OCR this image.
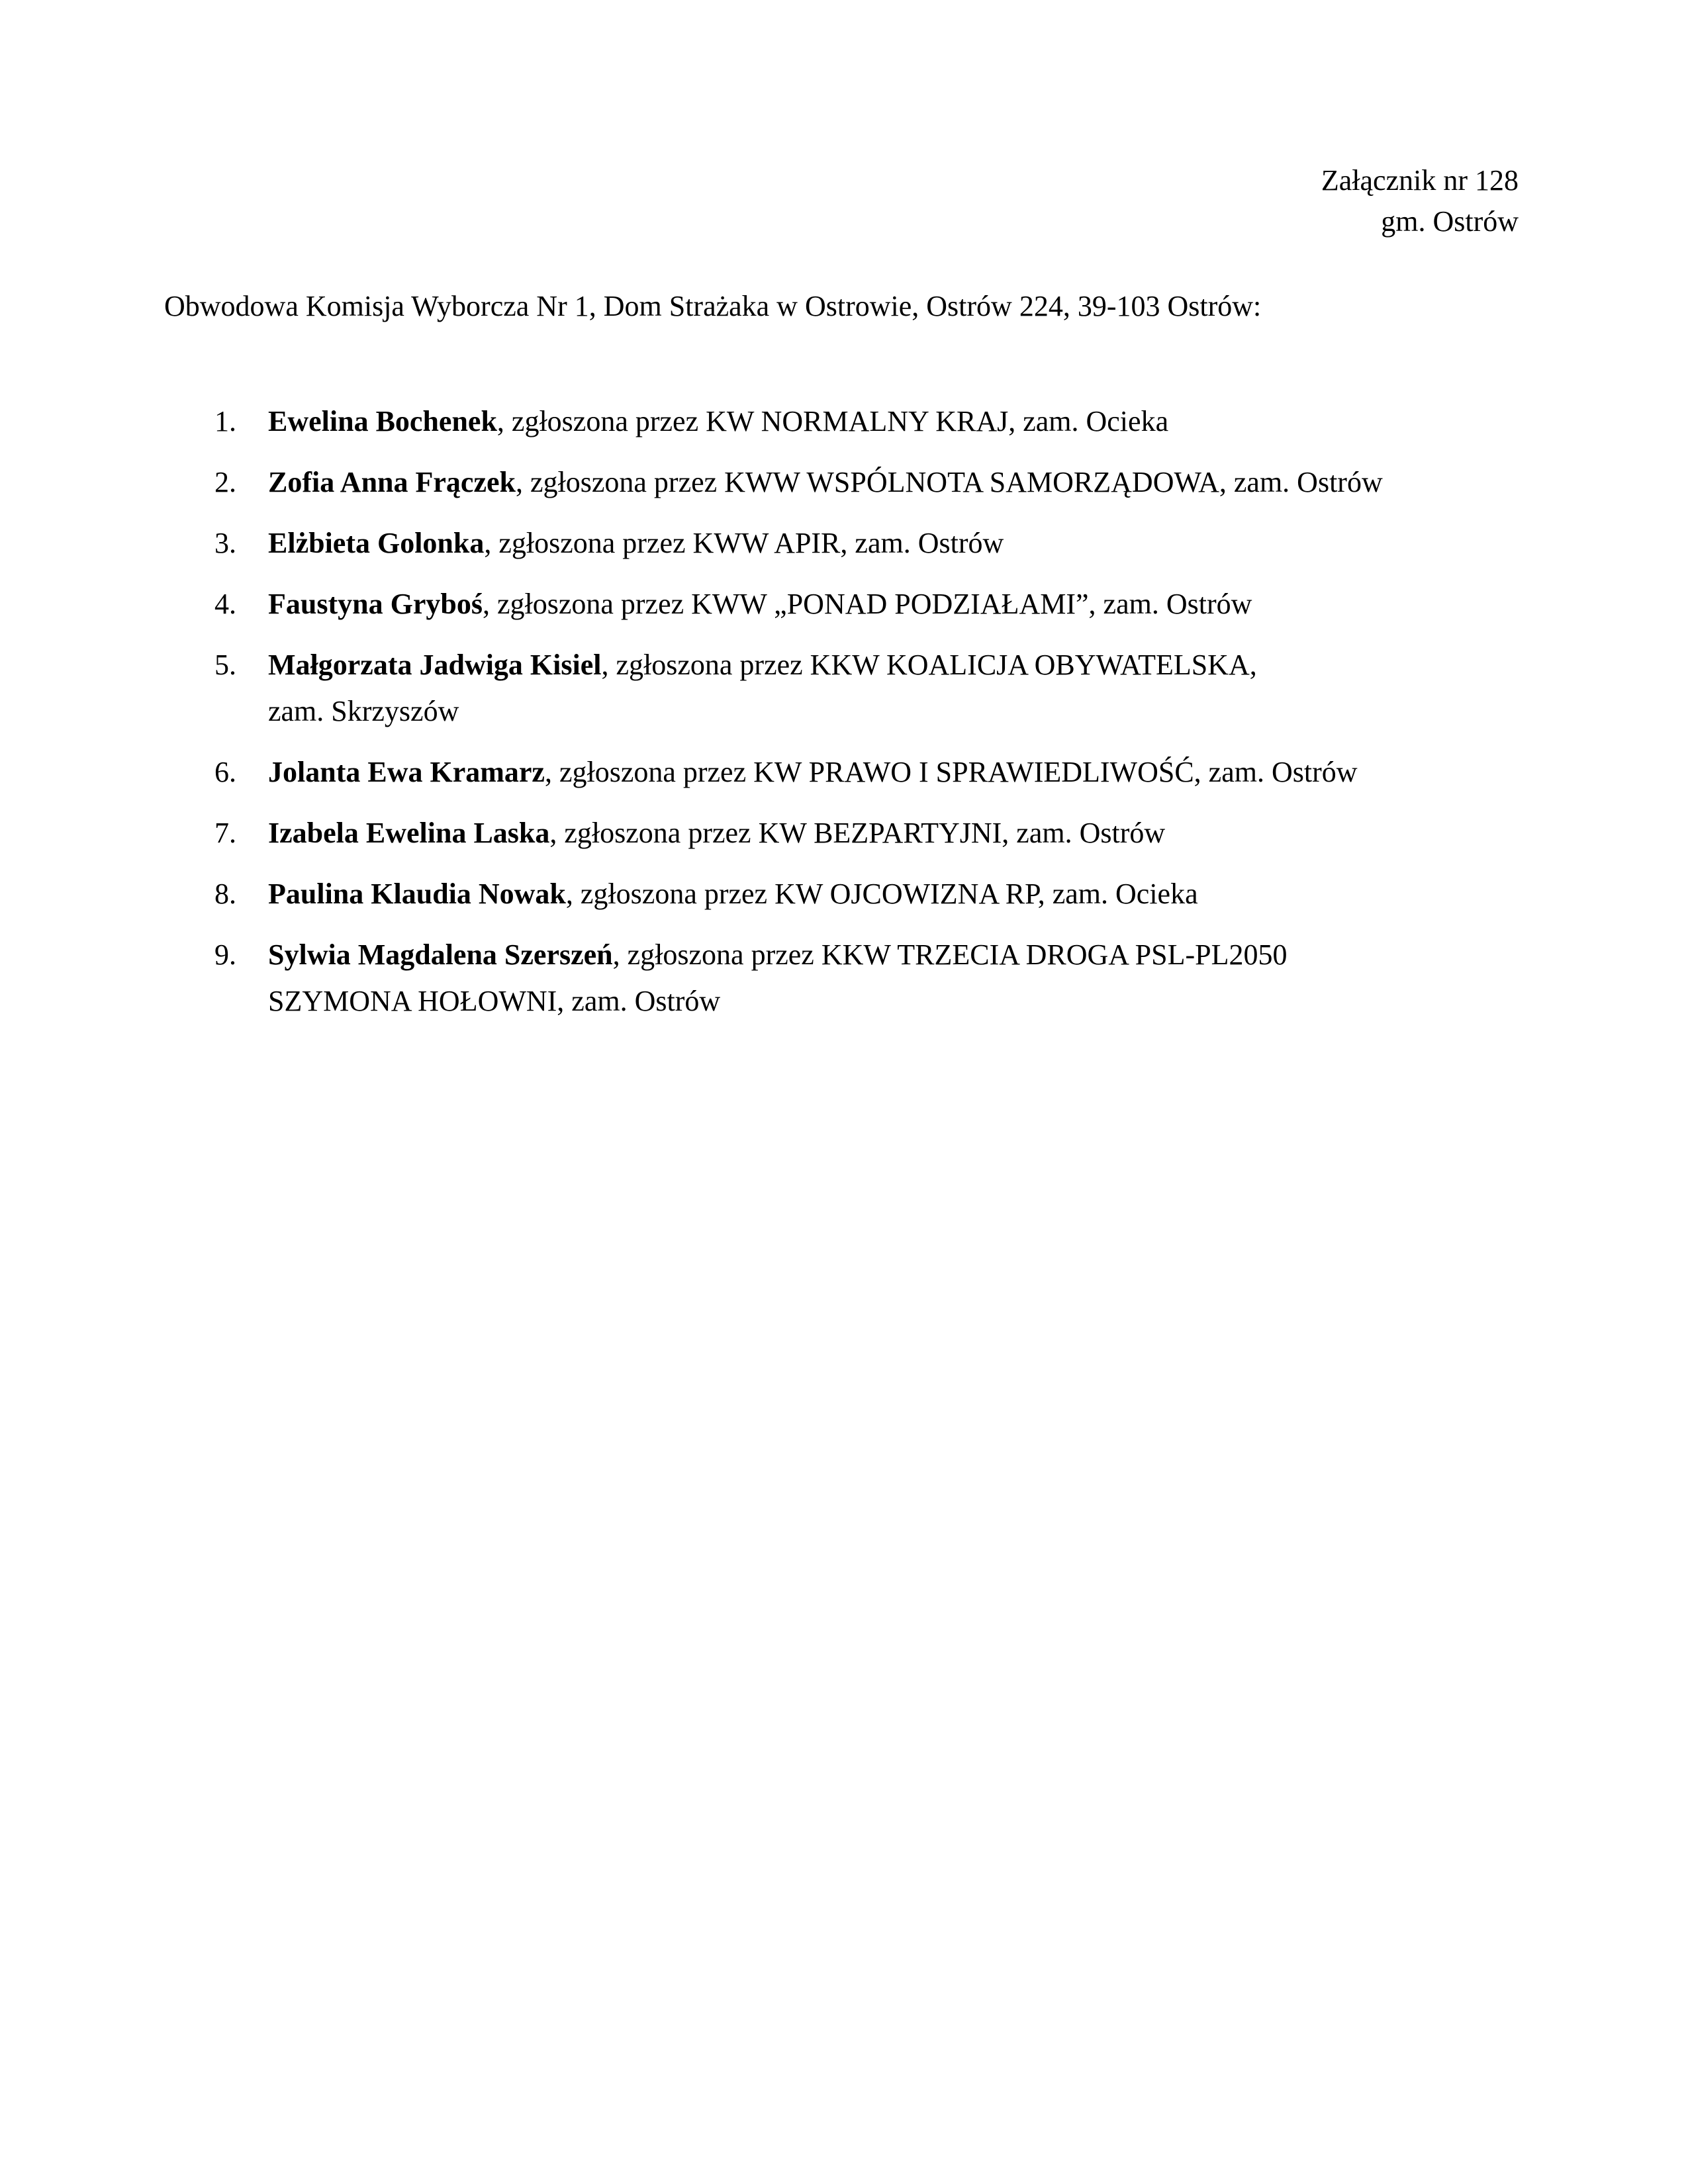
Załącznik nr 128
gm. Ostrów
Obwodowa Komisja Wyborcza Nr 1, Dom Strażaka w Ostrowie, Ostrów 224, 39-103 Ostrów:
1. Ewelina Bochenek, zgłoszona przez KW NORMALNY KRAJ, zam. Ocieka
2. Zofia Anna Frączek, zgłoszona przez KWW WSPÓLNOTA SAMORZĄDOWA, zam. Ostrów
3. Elżbieta Golonka, zgłoszona przez KWW APIR, zam. Ostrów
4. Faustyna Gryboś, zgłoszona przez KWW „PONAD PODZIAŁAMI”, zam. Ostrów
5. Małgorzata Jadwiga Kisiel, zgłoszona przez KKW KOALICJA OBYWATELSKA,
zam. Skrzyszów
6. Jolanta Ewa Kramarz, zgłoszona przez KW PRAWO I SPRAWIEDLIWOŚĆ, zam. Ostrów
7. Izabela Ewelina Laska, zgłoszona przez KW BEZPARTYJNI, zam. Ostrów
8. Paulina Klaudia Nowak, zgłoszona przez KW OJCOWIZNA RP, zam. Ocieka
9. Sylwia Magdalena Szerszeń, zgłoszona przez KKW TRZECIA DROGA PSL-PL2050
SZYMONA HOŁOWNI, zam. Ostrów
